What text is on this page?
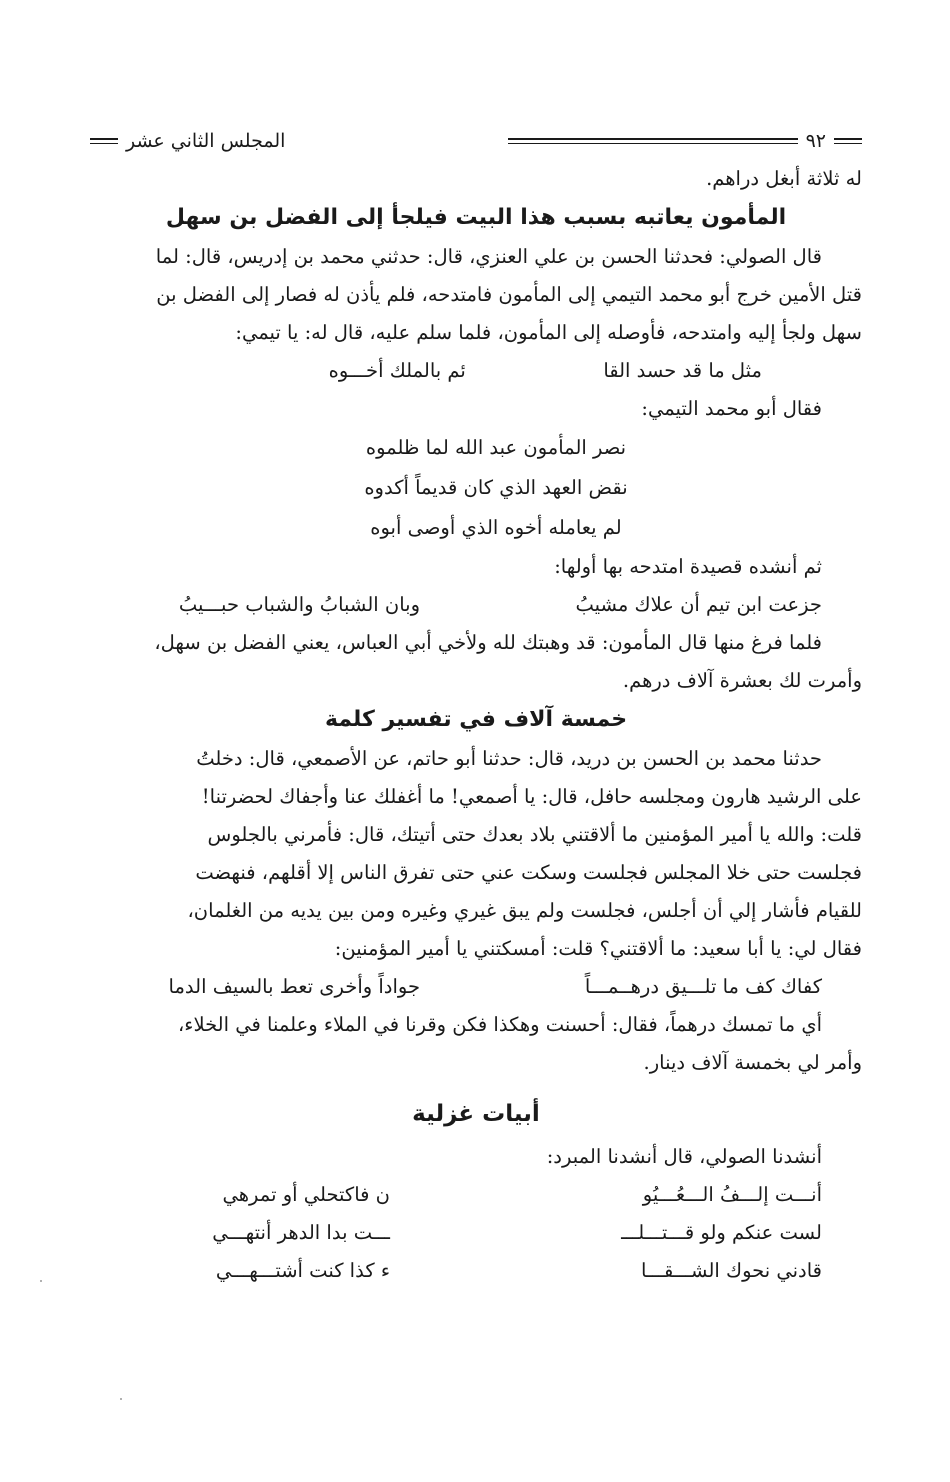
٩٢
المجلس الثاني عشر
له ثلاثة أبغل دراهم.
المأمون يعاتبه بسبب هذا البيت فيلجأ إلى الفضل بن سهل
قال الصولي: فحدثنا الحسن بن علي العنزي، قال: حدثني محمد بن إدريس، قال: لما
قتل الأمين خرج أبو محمد التيمي إلى المأمون فامتدحه، فلم يأذن له فصار إلى الفضل بن
سهل ولجأ إليه وامتدحه، فأوصله إلى المأمون، فلما سلم عليه، قال له: يا تيمي:
مثل ما قد حسد القا
ئم بالملك أخـــوه
فقال أبو محمد التيمي:
نصر المأمون عبد الله لما ظلموه
نقض العهد الذي كان قديماً أكدوه
لم يعامله أخوه الذي أوصى أبوه
ثم أنشده قصيدة امتدحه بها أولها:
جزعت ابن تيم أن علاك مشيبُ
وبان الشبابُ والشباب حبـــيبُ
فلما فرغ منها قال المأمون: قد وهبتك لله ولأخي أبي العباس، يعني الفضل بن سهل،
وأمرت لك بعشرة آلاف درهم.
خمسة آلاف في تفسير كلمة
حدثنا محمد بن الحسن بن دريد، قال: حدثنا أبو حاتم، عن الأصمعي، قال: دخلتُ
على الرشيد هارون ومجلسه حافل، قال: يا أصمعي! ما أغفلك عنا وأجفاك لحضرتنا!
قلت: والله يا أمير المؤمنين ما ألاقتني بلاد بعدك حتى أتيتك، قال: فأمرني بالجلوس
فجلست حتى خلا المجلس فجلست وسكت عني حتى تفرق الناس إلا أقلهم، فنهضت
للقيام فأشار إلي أن أجلس، فجلست ولم يبق غيري وغيره ومن بين يديه من الغلمان،
فقال لي: يا أبا سعيد: ما ألاقتني؟ قلت: أمسكتني يا أمير المؤمنين:
كفاك كف ما تلـــيق درهــمـــاً
جواداً وأخرى تعط بالسيف الدما
أي ما تمسك درهماً، فقال: أحسنت وهكذا فكن وقرنا في الملاء وعلمنا في الخلاء،
وأمر لي بخمسة آلاف دينار.
أبيات غزلية
أنشدنا الصولي، قال أنشدنا المبرد:
أنـــت إلـــفُ الـــعُـــيُو
ن فاكتحلي أو تمرهي
لست عنكم ولو قـــتـــلـــ
ـــت بدا الدهر أنتهـــي
قادني نحوك الشـــقـــا
ء كذا كنت أشتـــهـــي
